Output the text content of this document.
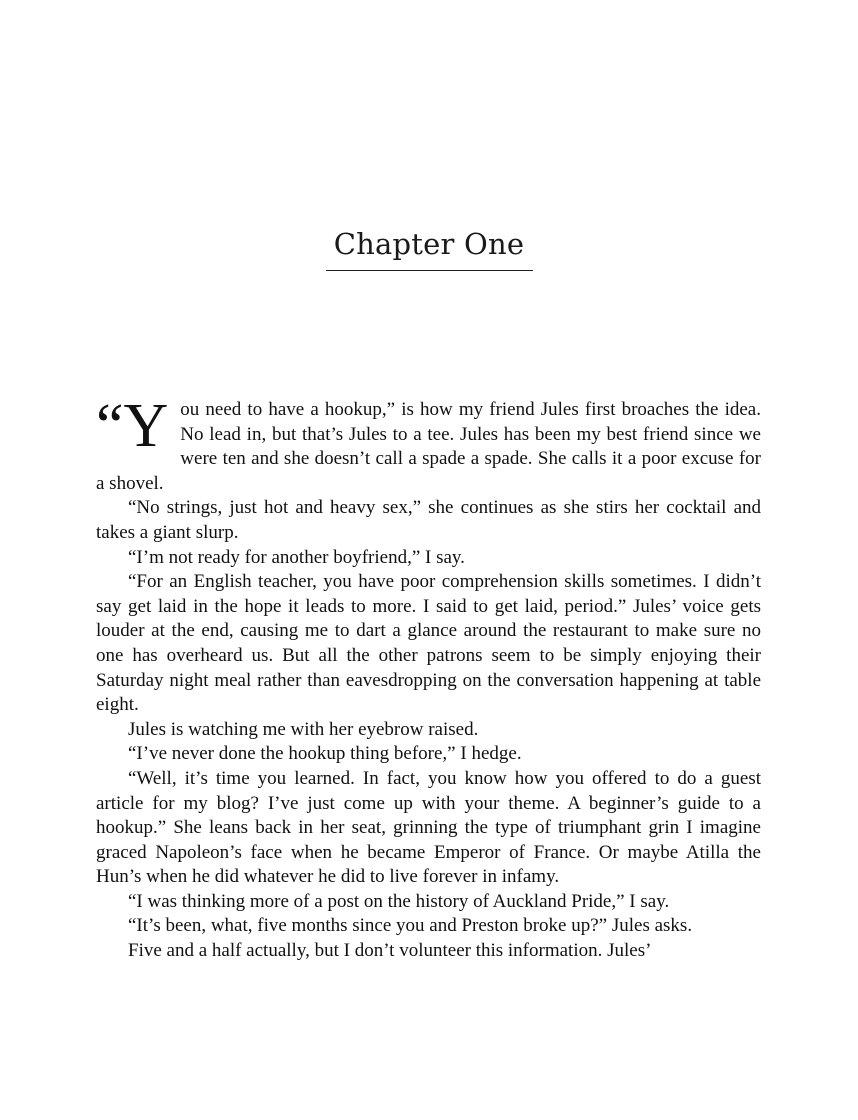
Chapter One

“You need to have a hookup,” is how my friend Jules first broaches the idea. No lead in, but that’s Jules to a tee. Jules has been my best friend since we were ten and she doesn’t call a spade a spade. She calls it a poor excuse for a shovel.

“No strings, just hot and heavy sex,” she continues as she stirs her cocktail and takes a giant slurp.

“I’m not ready for another boyfriend,” I say.

“For an English teacher, you have poor comprehension skills sometimes. I didn’t say get laid in the hope it leads to more. I said to get laid, period.” Jules’ voice gets louder at the end, causing me to dart a glance around the restaurant to make sure no one has overheard us. But all the other patrons seem to be simply enjoying their Saturday night meal rather than eavesdropping on the conversation happening at table eight.

Jules is watching me with her eyebrow raised.

“I’ve never done the hookup thing before,” I hedge.

“Well, it’s time you learned. In fact, you know how you offered to do a guest article for my blog? I’ve just come up with your theme. A beginner’s guide to a hookup.” She leans back in her seat, grinning the type of triumphant grin I imagine graced Napoleon’s face when he became Emperor of France. Or maybe Atilla the Hun’s when he did whatever he did to live forever in infamy.

“I was thinking more of a post on the history of Auckland Pride,” I say.

“It’s been, what, five months since you and Preston broke up?” Jules asks.

Five and a half actually, but I don’t volunteer this information. Jules’
